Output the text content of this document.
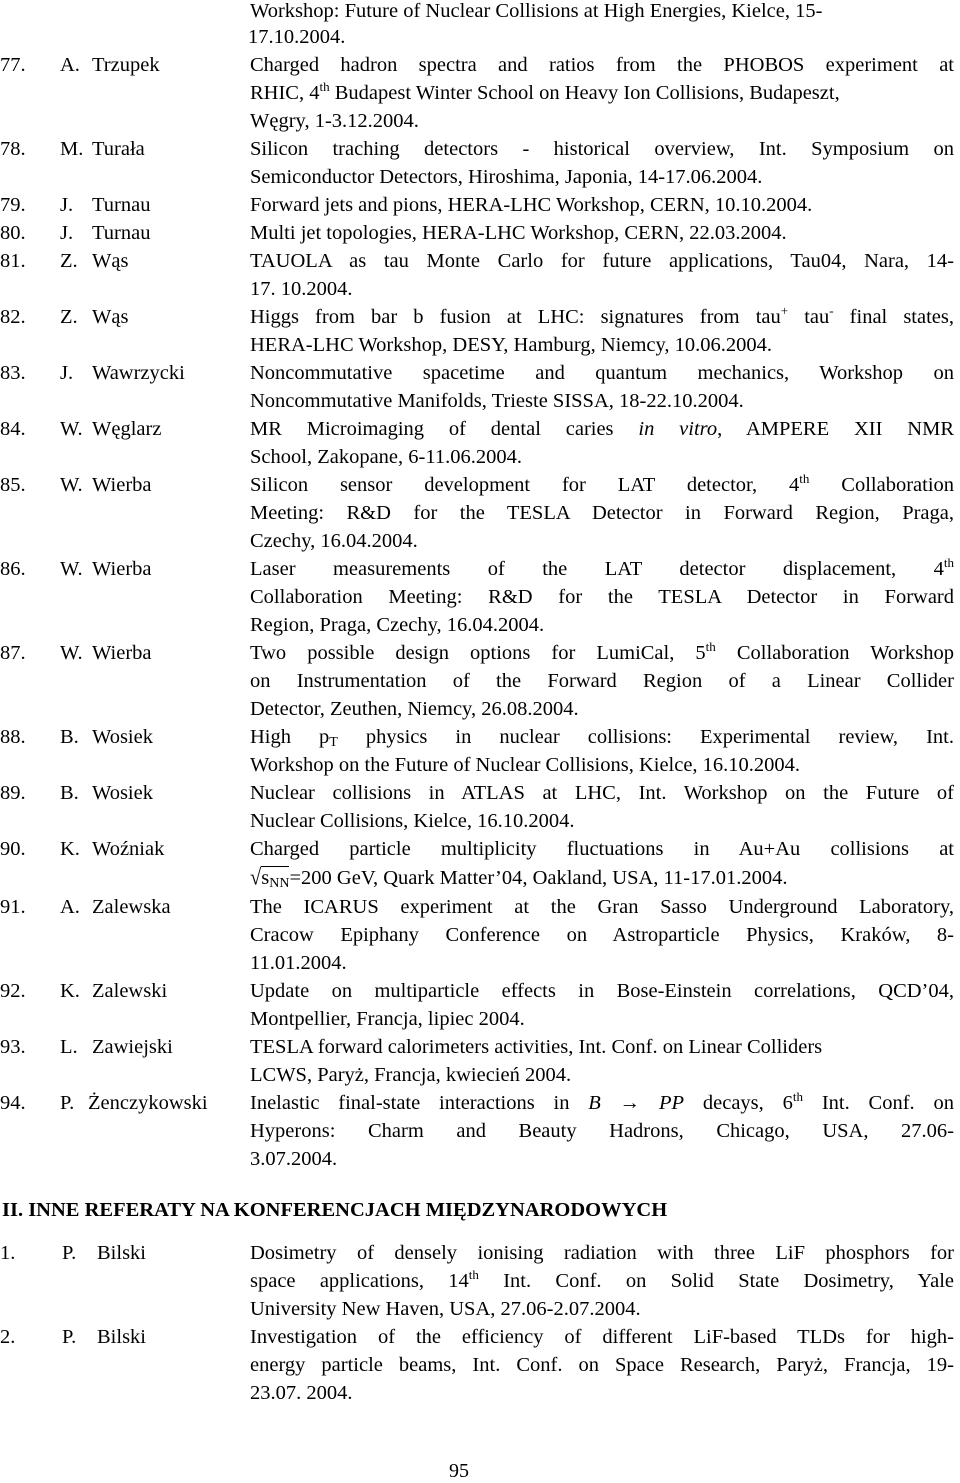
Workshop: Future of Nuclear Collisions at High Energies, Kielce, 15-
17.10.2004.
77. A. Trzupek	Charged hadron spectra and ratios from the PHOBOS experiment at
RHIC, 4th Budapest Winter School on Heavy Ion Collisions, Budapeszt,
Węgry, 1-3.12.2004.
78. M. Turała	Silicon traching detectors - historical overview, Int. Symposium on
Semiconductor Detectors, Hiroshima, Japonia, 14-17.06.2004.
79. J. Turnau	Forward jets and pions, HERA-LHC Workshop, CERN, 10.10.2004.
80. J. Turnau	Multi jet topologies, HERA-LHC Workshop, CERN, 22.03.2004.
81. Z. Wąs	TAUOLA as tau Monte Carlo for future applications, Tau04, Nara, 14-
17. 10.2004.
82. Z. Wąs	Higgs from bar b fusion at LHC: signatures from tau+ tau- final states,
HERA-LHC Workshop, DESY, Hamburg, Niemcy, 10.06.2004.
83. J. Wawrzycki	Noncommutative spacetime and quantum mechanics, Workshop on
Noncommutative Manifolds, Trieste SISSA, 18-22.10.2004.
84. W. Węglarz	MR Microimaging of dental caries in vitro, AMPERE XII NMR
School, Zakopane, 6-11.06.2004.
85. W. Wierba	Silicon sensor development for LAT detector, 4th Collaboration
Meeting: R&D for the TESLA Detector in Forward Region, Praga,
Czechy, 16.04.2004.
86. W. Wierba	Laser measurements of the LAT detector displacement, 4th
Collaboration Meeting: R&D for the TESLA Detector in Forward
Region, Praga, Czechy, 16.04.2004.
87. W. Wierba	Two possible design options for LumiCal, 5th Collaboration Workshop
on Instrumentation of the Forward Region of a Linear Collider
Detector, Zeuthen, Niemcy, 26.08.2004.
88. B. Wosiek	High $p_T$ physics in nuclear collisions: Experimental review, Int.
Workshop on the Future of Nuclear Collisions, Kielce, 16.10.2004.
89. B. Wosiek	Nuclear collisions in ATLAS at LHC, Int. Workshop on the Future of
Nuclear Collisions, Kielce, 16.10.2004.
90. K. Woźniak	Charged particle multiplicity fluctuations in Au+Au collisions at
$√s_{NN}=200$ GeV, Quark Matter’04, Oakland, USA, 11-17.01.2004.
91. A. Zalewska	The ICARUS experiment at the Gran Sasso Underground Laboratory,
Cracow Epiphany Conference on Astroparticle Physics, Kraków, 8-
11.01.2004.
92. K. Zalewski	Update on multiparticle effects in Bose-Einstein correlations, QCD’04,
Montpellier, Francja, lipiec 2004.
93. L. Zawiejski	TESLA forward calorimeters activities, Int. Conf. on Linear Colliders
LCWS, Paryż, Francja, kwiecień 2004.
94. P. Żenczykowski Inelastic final-state interactions in B → PP decays, 6th Int. Conf. on
Hyperons: Charm and Beauty Hadrons, Chicago, USA, 27.06-
3.07.2004.
II. INNE REFERATY NA KONFERENCJACH MIĘDZYNARODOWYCH
1. P. Bilski	Dosimetry of densely ionising radiation with three LiF phosphors for
space applications, 14th Int. Conf. on Solid State Dosimetry, Yale
University New Haven, USA, 27.06-2.07.2004.
2. P. Bilski	Investigation of the efficiency of different LiF-based TLDs for high-
energy particle beams, Int. Conf. on Space Research, Paryż, Francja, 19-
23.07. 2004.
95
